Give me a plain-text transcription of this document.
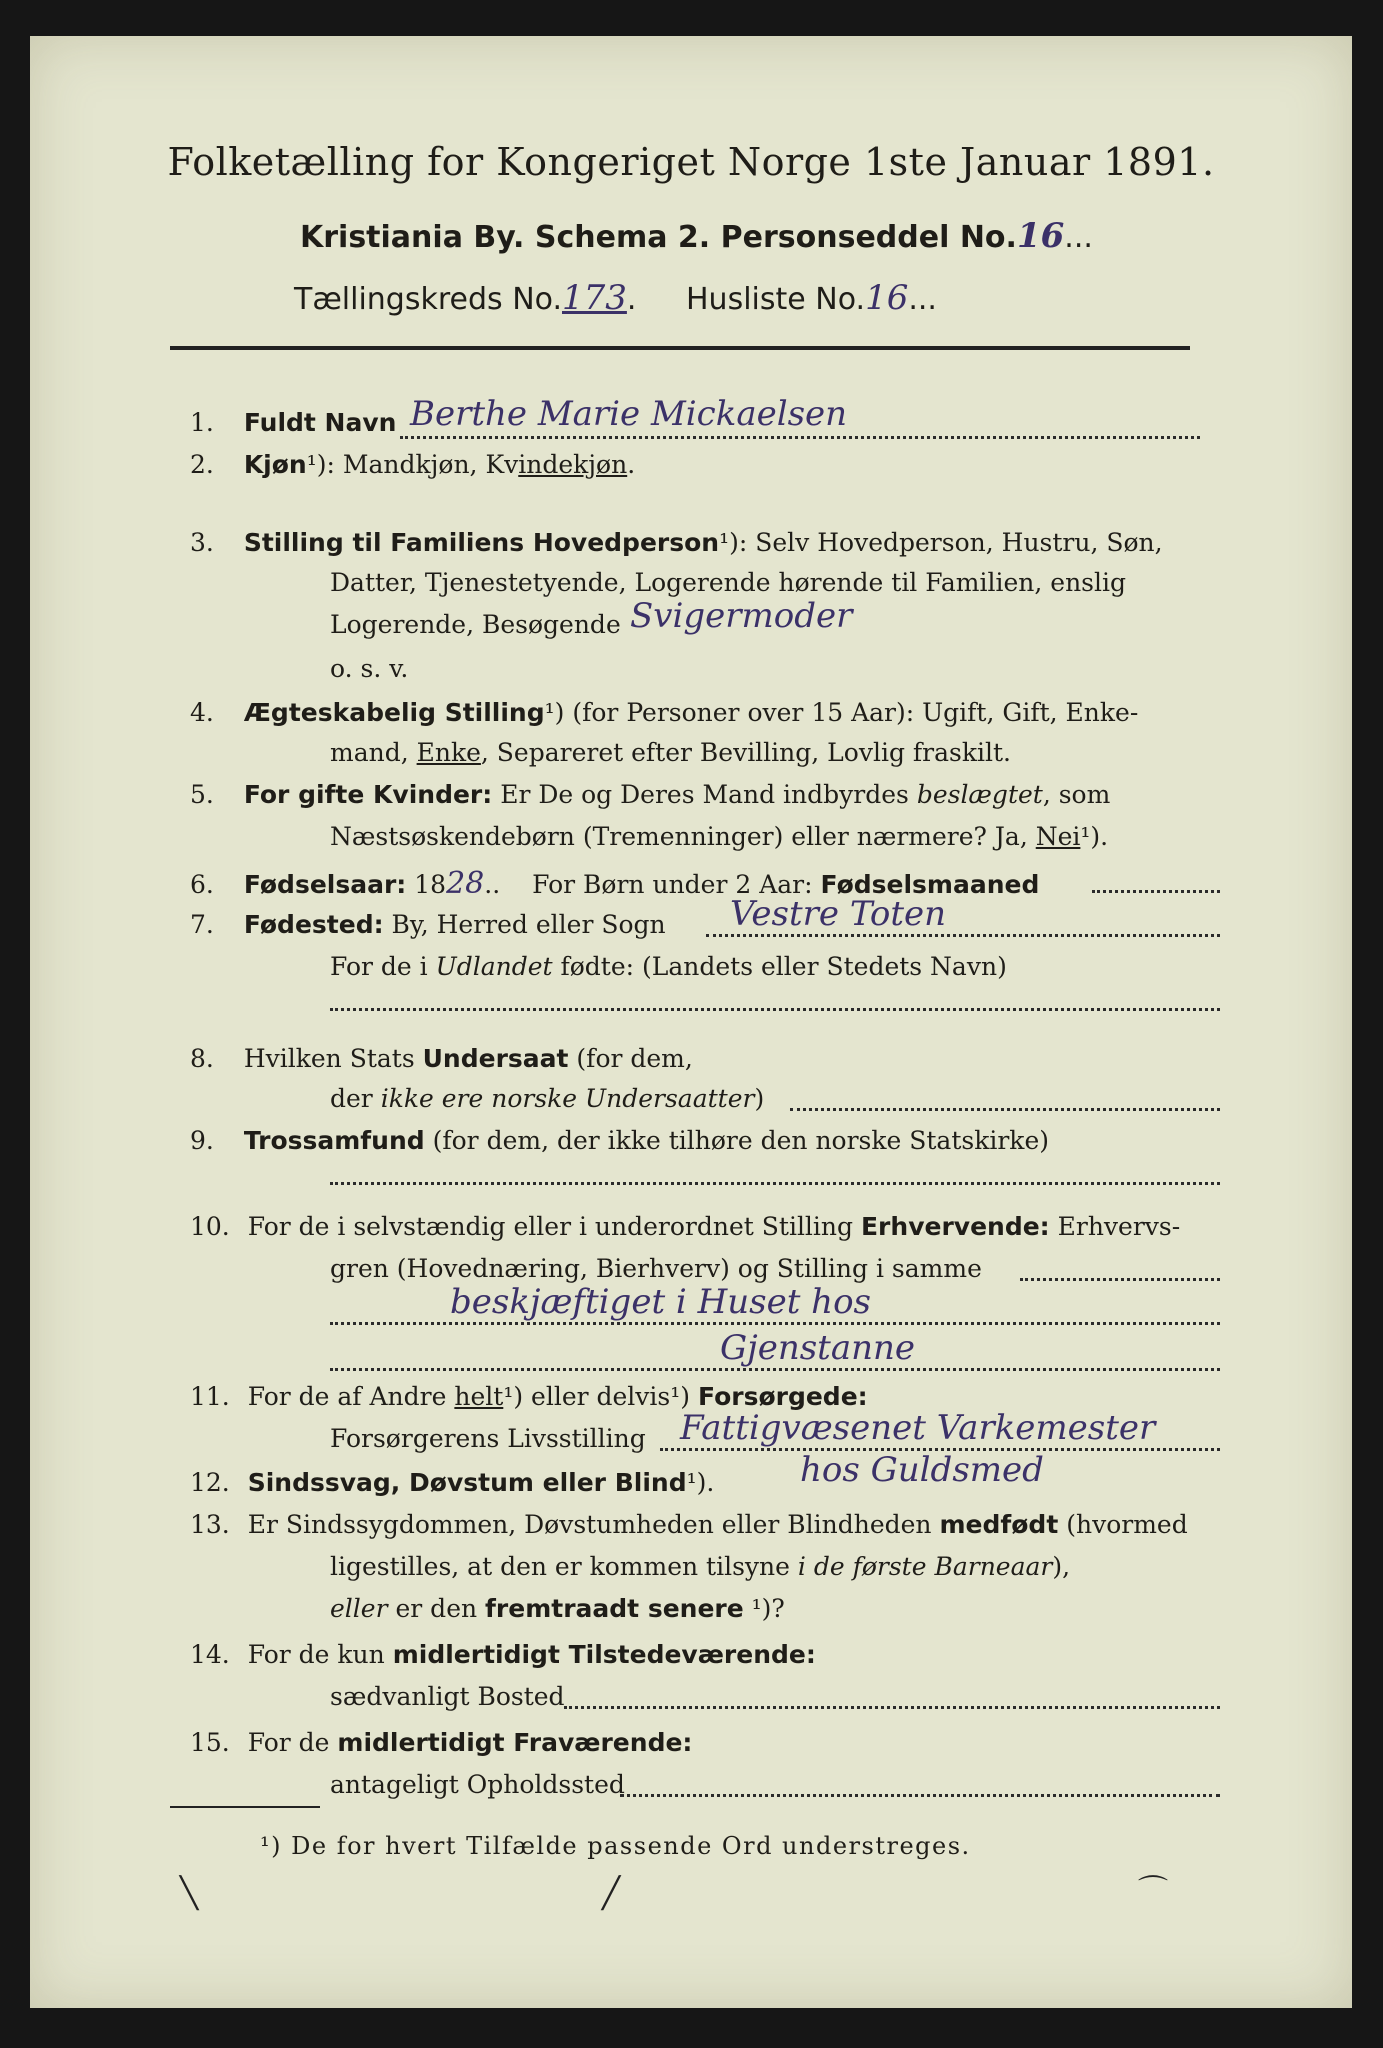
Folketælling for Kongeriget Norge 1ste Januar 1891.
Kristiania By. Schema 2. Personseddel No.16...
Tællingskreds No.173. Husliste No.16...
1. Fuldt Navn Berthe Marie Mickaelsen
2. Kjøn¹): Mandkjøn, Kvindekjøn.
3. Stilling til Familiens Hovedperson¹): Selv Hovedperson, Hustru, Søn,
Datter, Tjenestetyende, Logerende hørende til Familien, enslig
Logerende, Besøgende Svigermoder
o. s. v.
4. Ægteskabelig Stilling¹) (for Personer over 15 Aar): Ugift, Gift, Enke-
mand, Enke, Separeret efter Bevilling, Lovlig fraskilt.
5. For gifte Kvinder: Er De og Deres Mand indbyrdes beslægtet, som
Næstsøskendebørn (Tremenninger) eller nærmere? Ja, Nei¹).
6. Fødselsaar: 1828.. For Børn under 2 Aar: Fødselsmaaned
7. Fødested: By, Herred eller Sogn Vestre Toten
For de i Udlandet fødte: (Landets eller Stedets Navn)
8. Hvilken Stats Undersaat (for dem,
der ikke ere norske Undersaatter)
9. Trossamfund (for dem, der ikke tilhøre den norske Statskirke)
10. For de i selvstændig eller i underordnet Stilling Erhvervende: Erhvervs-
gren (Hovednæring, Bierhverv) og Stilling i samme
beskjæftiget i Huset hos
Gjenstanne
11. For de af Andre helt¹) eller delvis¹) Forsørgede:
Forsørgerens Livsstilling Fattigvæsenet Varkemester
12. Sindssvag, Døvstum eller Blind¹).	hos Guldsmed
13. Er Sindssygdommen, Døvstumheden eller Blindheden medfødt (hvormed
ligestilles, at den er kommen tilsyne i de første Barneaar),
eller er den fremtraadt senere ¹)?
14. For de kun midlertidigt Tilstedeværende:
sædvanligt Bosted
15. For de midlertidigt Fraværende:
antageligt Opholdssted
¹) De for hvert Tilfælde passende Ord understreges.
╲	╱	⌒
